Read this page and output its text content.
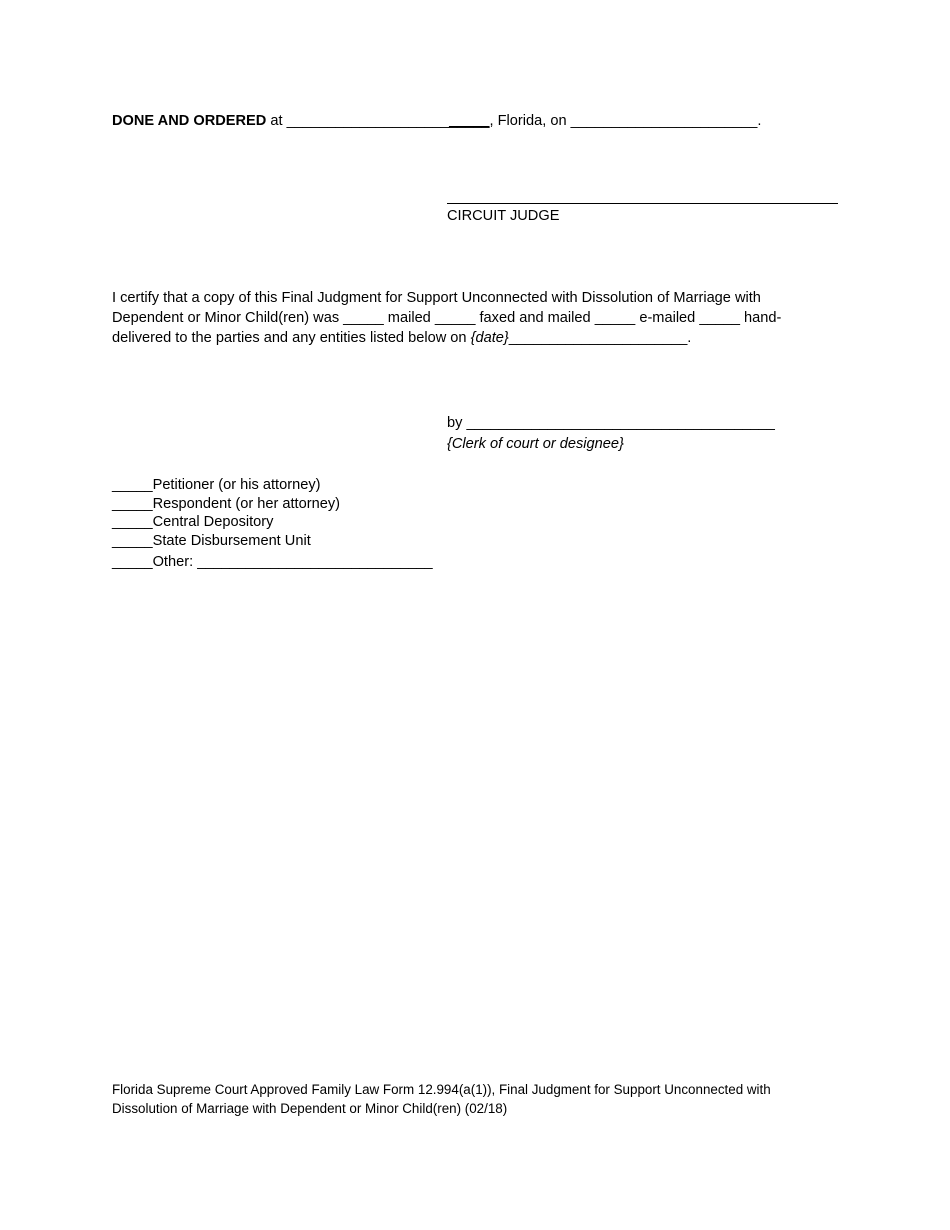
DONE AND ORDERED at _________________________, Florida, on _______________________.
CIRCUIT JUDGE

I certify that a copy of this Final Judgment for Support Unconnected with Dissolution of Marriage with

Dependent or Minor Child(ren) was _____ mailed _____ faxed and mailed _____ e-mailed _____ hand-

delivered to the parties and any entities listed below on {date}______________________.

by ______________________________________
{Clerk of court or designee}
_____Petitioner (or his attorney)
_____Respondent (or her attorney)
_____Central Depository
_____State Disbursement Unit
_____Other: _____________________________

Florida Supreme Court Approved Family Law Form 12.994(a(1)), Final Judgment for Support Unconnected with

Dissolution of Marriage with Dependent or Minor Child(ren) (02/18)
